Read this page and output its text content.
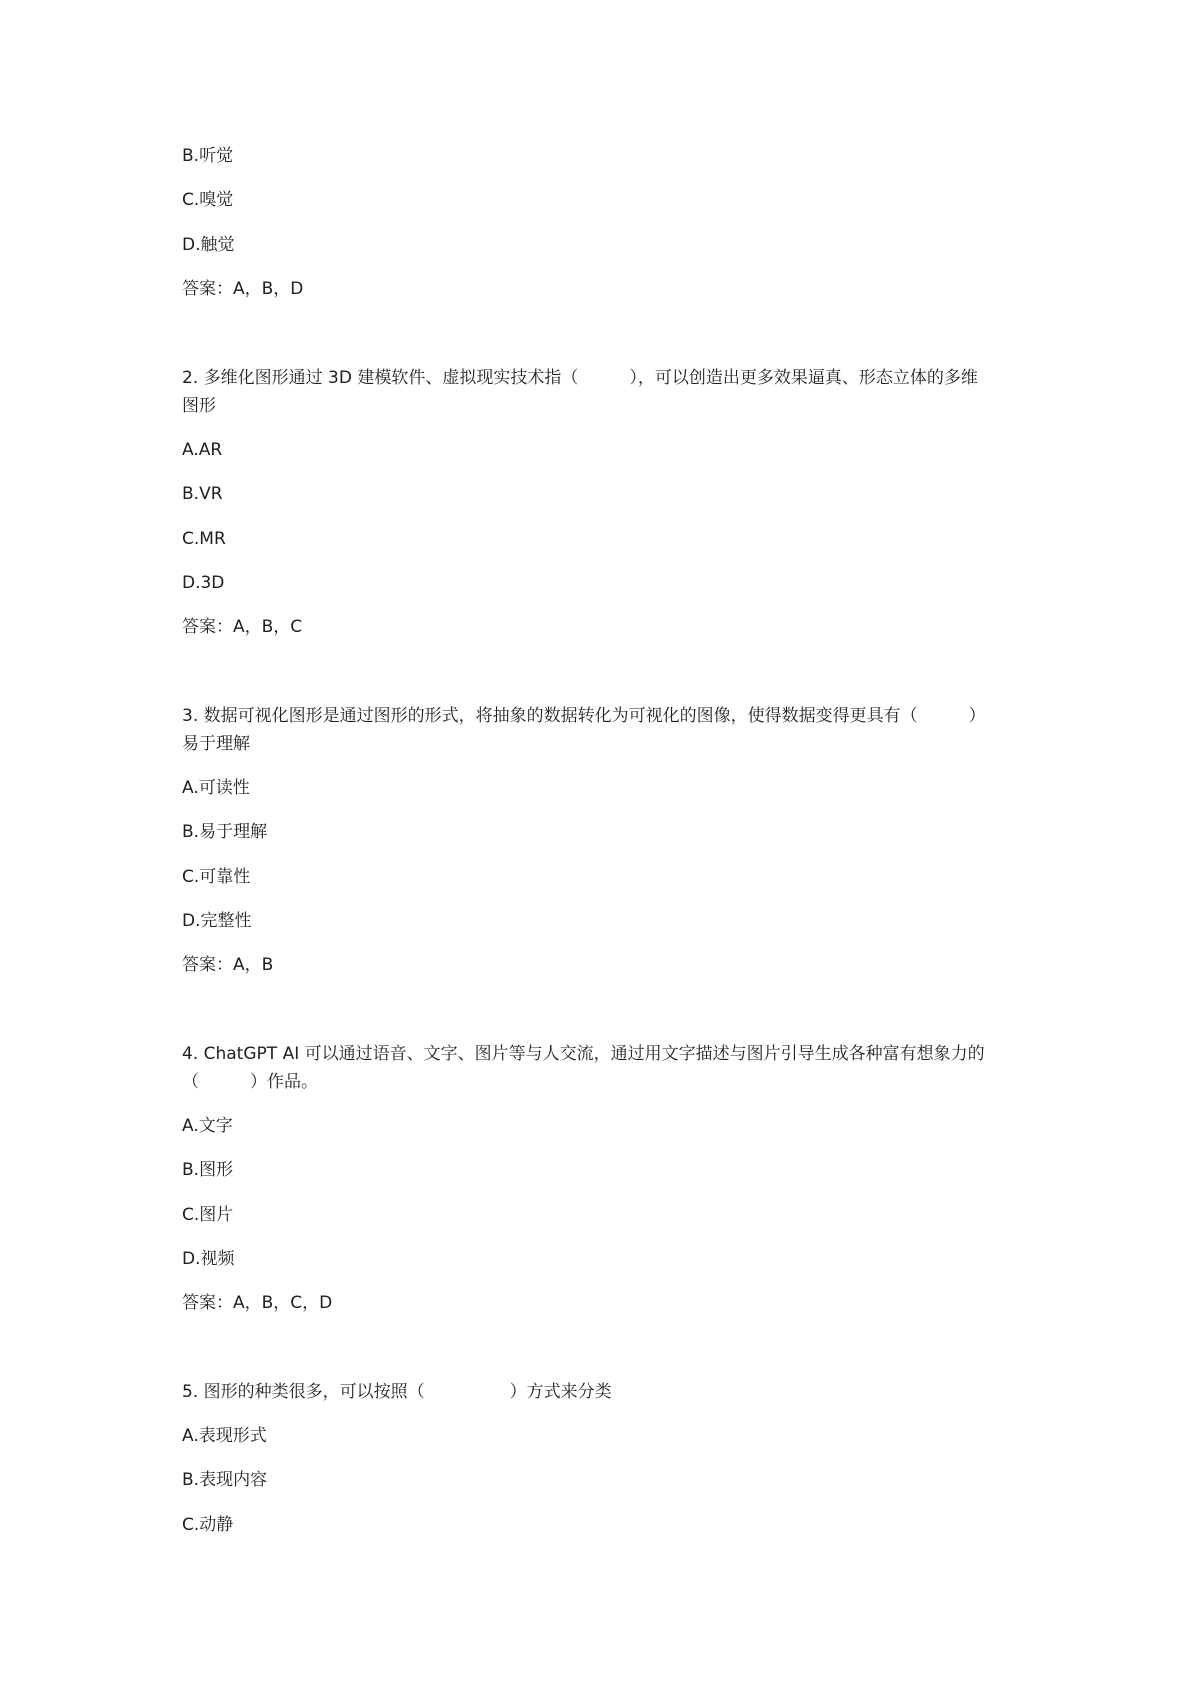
B.听觉
C.嗅觉
D.触觉
答案：A，B，D
2. 多维化图形通过 3D 建模软件、虚拟现实技术指（　　　），可以创造出更多效果逼真、形态立体的多维
图形
A.AR
B.VR
C.MR
D.3D
答案：A，B，C
3. 数据可视化图形是通过图形的形式，将抽象的数据转化为可视化的图像，使得数据变得更具有（　　　）
易于理解
A.可读性
B.易于理解
C.可靠性
D.完整性
答案：A，B
4. ChatGPT AI 可以通过语音、文字、图片等与人交流，通过用文字描述与图片引导生成各种富有想象力的
（　　　）作品。
A.文字
B.图形
C.图片
D.视频
答案：A，B，C，D
5. 图形的种类很多，可以按照（　　　　　）方式来分类
A.表现形式
B.表现内容
C.动静
